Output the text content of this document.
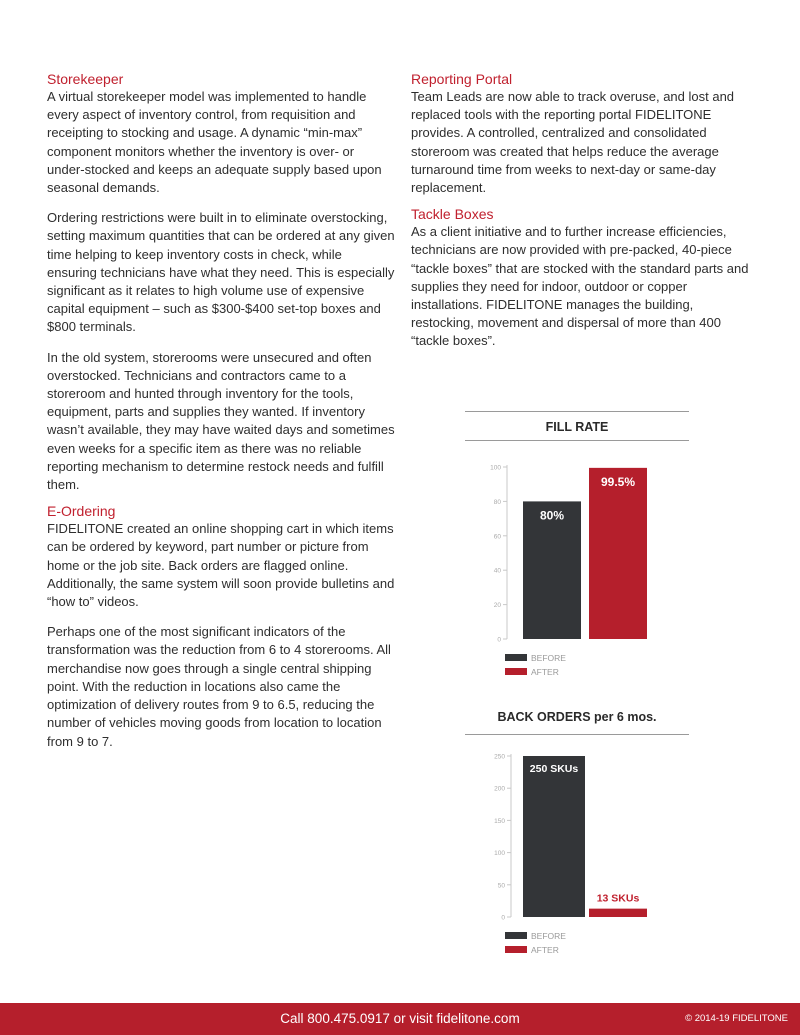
Storekeeper

A virtual storekeeper model was implemented to handle every aspect of inventory control, from requisition and receipting to stocking and usage. A dynamic “min-max” component monitors whether the inventory is over- or under-stocked and keeps an adequate supply based upon seasonal demands.

Ordering restrictions were built in to eliminate overstocking, setting maximum quantities that can be ordered at any given time helping to keep inventory costs in check, while ensuring technicians have what they need. This is especially significant as it relates to high volume use of expensive capital equipment – such as $300-$400 set-top boxes and $800 terminals.

In the old system, storerooms were unsecured and often overstocked. Technicians and contractors came to a storeroom and hunted through inventory for the tools, equipment, parts and supplies they wanted. If inventory wasn’t available, they may have waited days and sometimes even weeks for a specific item as there was no reliable reporting mechanism to determine restock needs and fulfill them.

E-Ordering

FIDELITONE created an online shopping cart in which items can be ordered by keyword, part number or picture from home or the job site. Back orders are flagged online. Additionally, the same system will soon provide bulletins and “how to” videos.

Perhaps one of the most significant indicators of the transformation was the reduction from 6 to 4 storerooms. All merchandise now goes through a single central shipping point. With the reduction in locations also came the optimization of delivery routes from 9 to 6.5, reducing the number of vehicles moving goods from location to location from 9 to 7.

Reporting Portal

Team Leads are now able to track overuse, and lost and replaced tools with the reporting portal FIDELITONE provides. A controlled, centralized and consolidated storeroom was created that helps reduce the average turnaround time from weeks to next-day or same-day replacement.

Tackle Boxes

As a client initiative and to further increase efficiencies, technicians are now provided with pre-packed, 40-piece “tackle boxes” that are stocked with the standard parts and supplies they need for indoor, outdoor or copper installations. FIDELITONE manages the building, restocking, movement and dispersal of more than 400 “tackle boxes”.

FILL RATE
0
20
40
60
80
100
80%
99.5%
BEFORE
AFTER
BACK ORDERS per 6 mos.
0
50
100
150
200
250
250 SKUs
13 SKUs
BEFORE
AFTER
Call 800.475.0917 or visit fidelitone.com	© 2014-19 FIDELITONE
